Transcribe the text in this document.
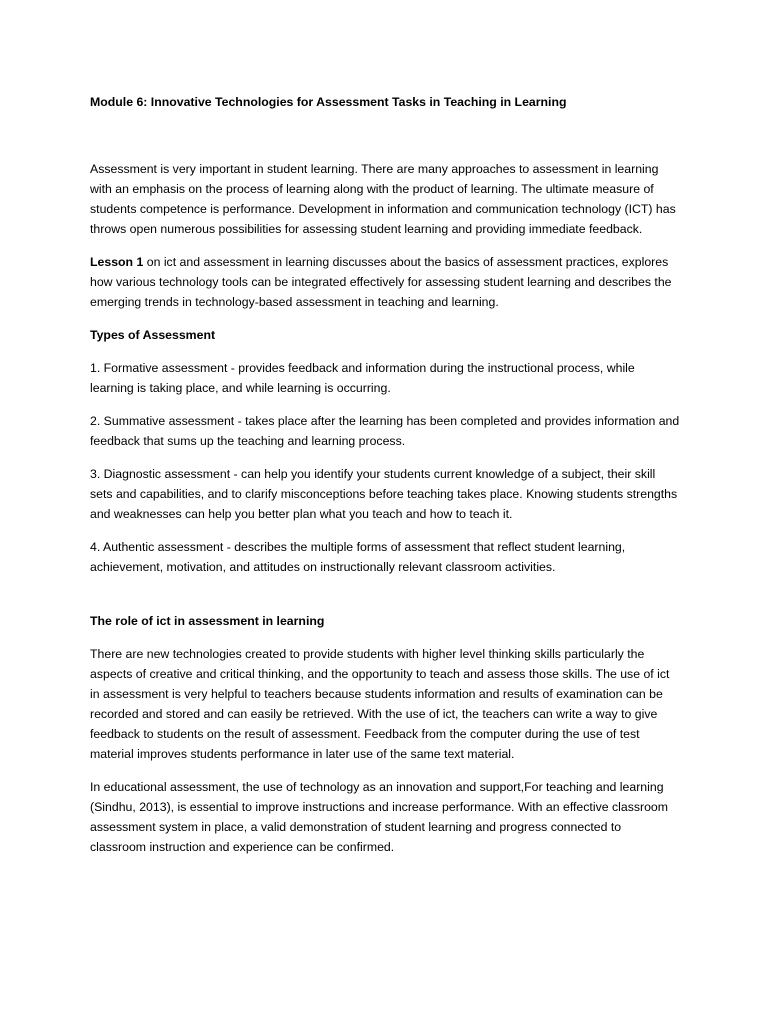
Module 6: Innovative Technologies for Assessment Tasks in Teaching in Learning

Assessment is very important in student learning. There are many approaches to assessment in learning with an emphasis on the process of learning along with the product of learning. The ultimate measure of students competence is performance. Development in information and communication technology (ICT) has throws open numerous possibilities for assessing student learning and providing immediate feedback.

Lesson 1 on ict and assessment in learning discusses about the basics of assessment practices, explores how various technology tools can be integrated effectively for assessing student learning and describes the emerging trends in technology-based assessment in teaching and learning.

Types of Assessment

1. Formative assessment - provides feedback and information during the instructional process, while learning is taking place, and while learning is occurring.

2. Summative assessment - takes place after the learning has been completed and provides information and feedback that sums up the teaching and learning process.

3. Diagnostic assessment - can help you identify your students current knowledge of a subject, their skill sets and capabilities, and to clarify misconceptions before teaching takes place. Knowing students strengths and weaknesses can help you better plan what you teach and how to teach it.

4. Authentic assessment - describes the multiple forms of assessment that reflect student learning, achievement, motivation, and attitudes on instructionally relevant classroom activities.

The role of ict in assessment in learning

There are new technologies created to provide students with higher level thinking skills particularly the aspects of creative and critical thinking, and the opportunity to teach and assess those skills. The use of ict in assessment is very helpful to teachers because students information and results of examination can be recorded and stored and can easily be retrieved. With the use of ict, the teachers can write a way to give feedback to students on the result of assessment. Feedback from the computer during the use of test material improves students performance in later use of the same text material.

In educational assessment, the use of technology as an innovation and support,For teaching and learning (Sindhu, 2013), is essential to improve instructions and increase performance. With an effective classroom assessment system in place, a valid demonstration of student learning and progress connected to classroom instruction and experience can be confirmed.
